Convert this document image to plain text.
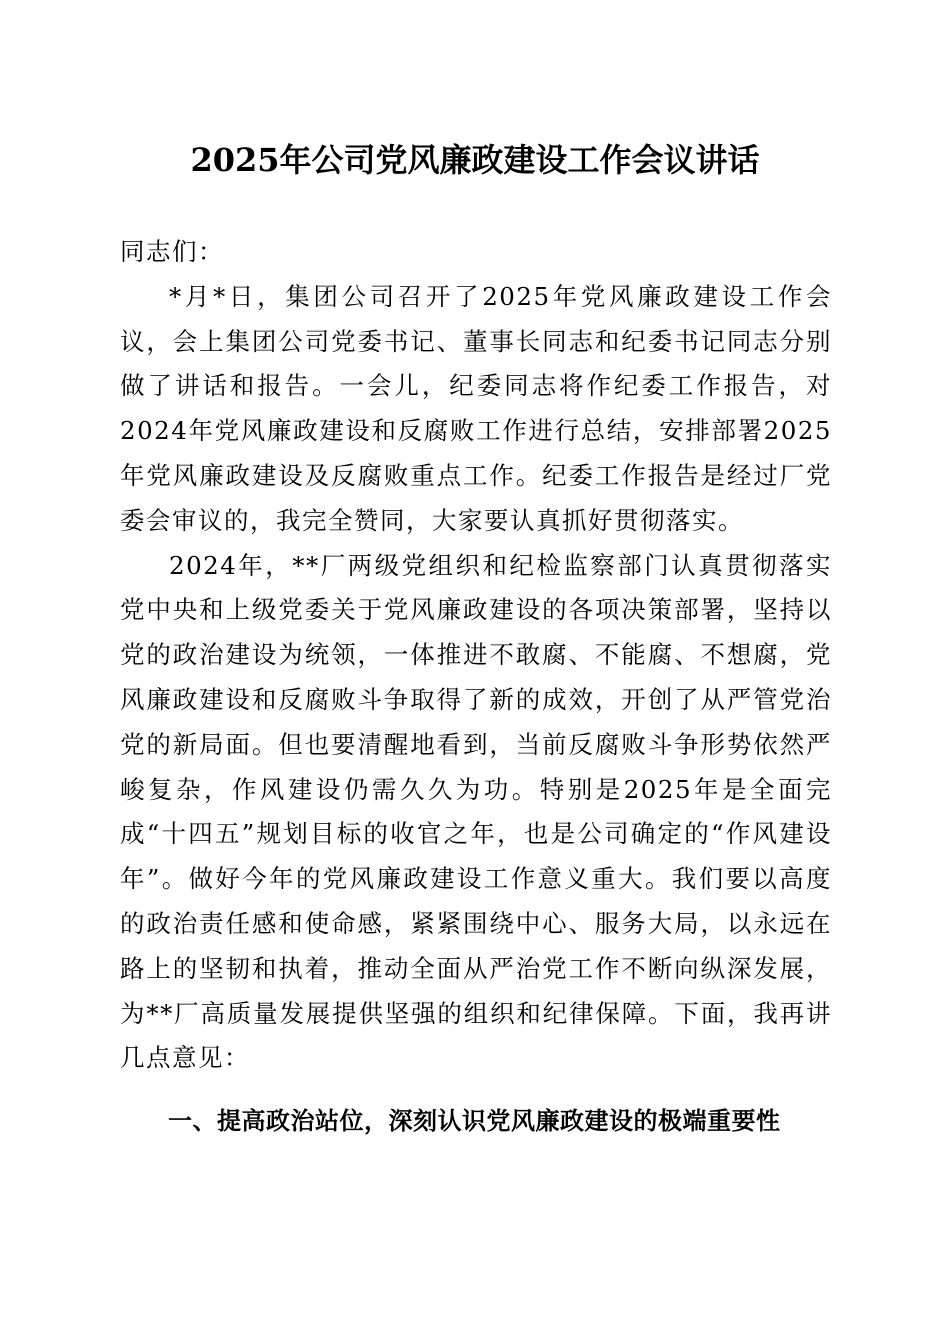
2025年公司党风廉政建设工作会议讲话

同志们：

*月*日，集团公司召开了2025年党风廉政建设工作会议，会上集团公司党委书记、董事长同志和纪委书记同志分别做了讲话和报告。一会儿，纪委同志将作纪委工作报告，对2024年党风廉政建设和反腐败工作进行总结，安排部署2025年党风廉政建设及反腐败重点工作。纪委工作报告是经过厂党委会审议的，我完全赞同，大家要认真抓好贯彻落实。

2024年，**厂两级党组织和纪检监察部门认真贯彻落实党中央和上级党委关于党风廉政建设的各项决策部署，坚持以党的政治建设为统领，一体推进不敢腐、不能腐、不想腐，党风廉政建设和反腐败斗争取得了新的成效，开创了从严管党治党的新局面。但也要清醒地看到，当前反腐败斗争形势依然严峻复杂，作风建设仍需久久为功。特别是2025年是全面完成“十四五”规划目标的收官之年，也是公司确定的“作风建设年”。做好今年的党风廉政建设工作意义重大。我们要以高度的政治责任感和使命感，紧紧围绕中心、服务大局，以永远在路上的坚韧和执着，推动全面从严治党工作不断向纵深发展，为**厂高质量发展提供坚强的组织和纪律保障。下面，我再讲几点意见：

一、提高政治站位，深刻认识党风廉政建设的极端重要性
